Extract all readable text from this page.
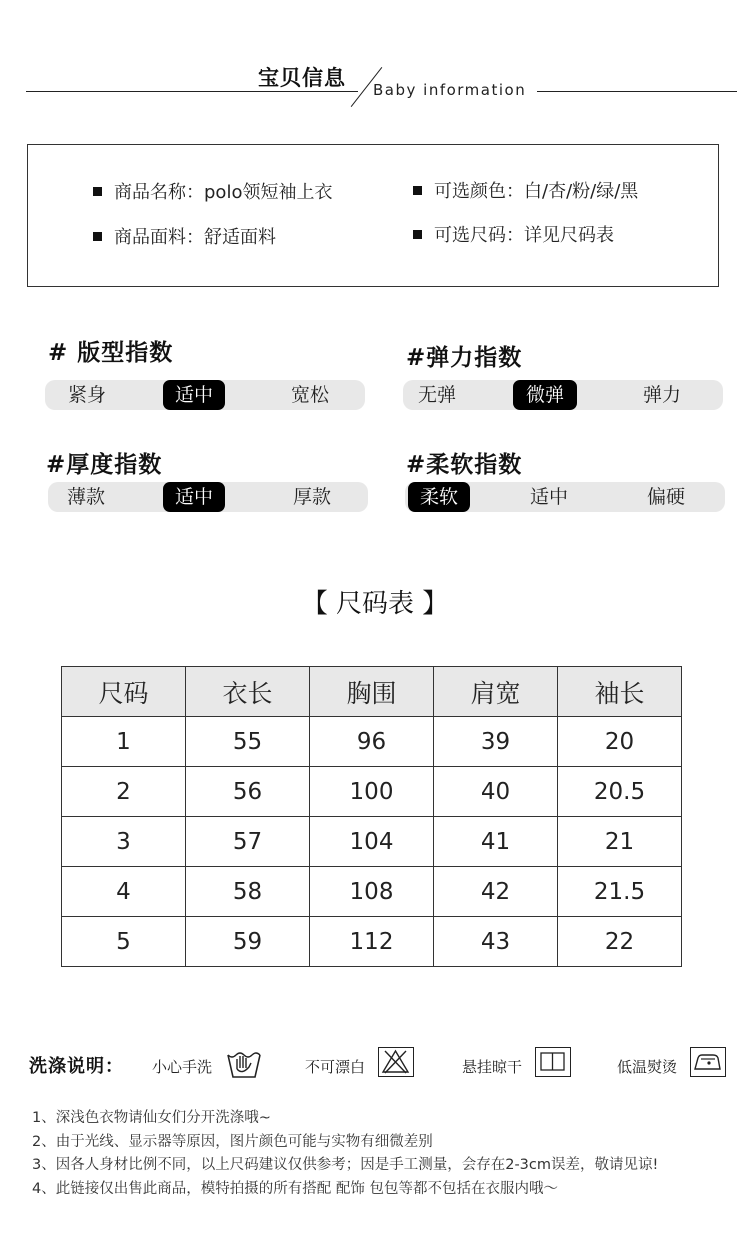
宝贝信息 Baby information
商品名称：polo领短袖上衣
商品面料：舒适面料
可选颜色：白/杏/粉/绿/黑
可选尺码：详见尺码表
# 版型指数
紧身	适中	宽松
#弹力指数
无弹	微弹	弹力
#厚度指数
薄款	适中	厚款
#柔软指数
柔软	适中	偏硬
【 尺码表 】
尺码	衣长	胸围	肩宽	袖长
1	55	96	39	20
2	56	100	40	20.5
3	57	104	41	21
4	58	108	42	21.5
5	59	112	43	22
洗涤说明： 小心手洗	不可漂白	悬挂晾干	低温熨烫
1、深浅色衣物请仙女们分开洗涤哦~
2、由于光线、显示器等原因，图片颜色可能与实物有细微差别
3、因各人身材比例不同，以上尺码建议仅供参考；因是手工测量，会存在2-3cm误差，敬请见谅!
4、此链接仅出售此商品，模特拍摄的所有搭配 配饰 包包等都不包括在衣服内哦～
